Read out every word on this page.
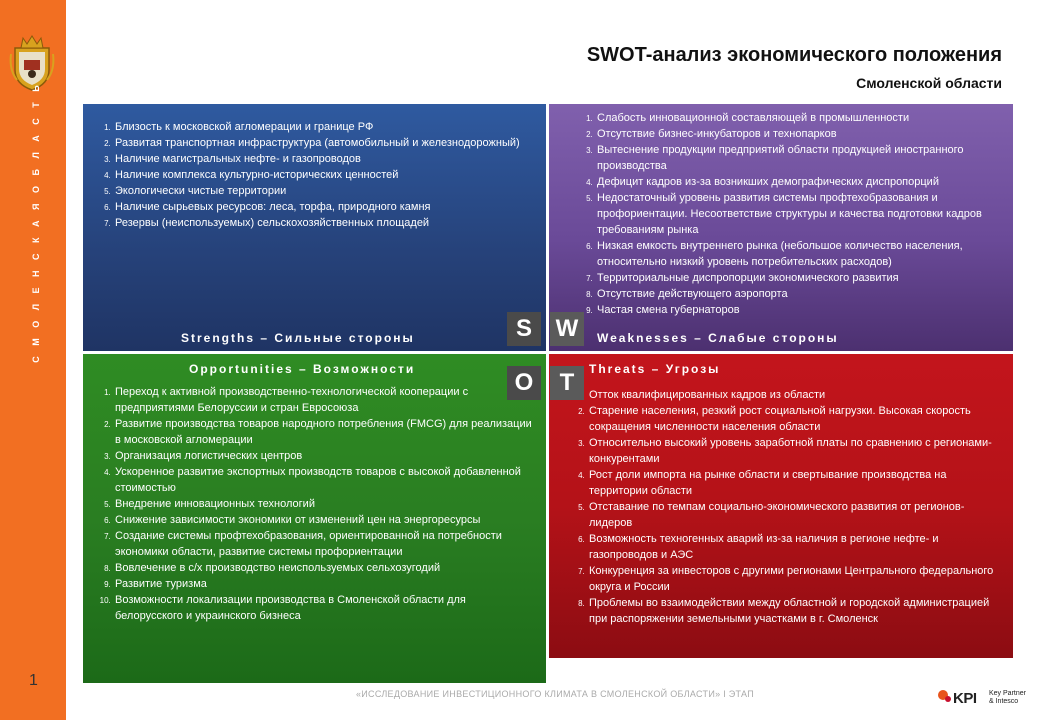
С М О Л Е Н С К А Я О Б Л А С Т Ь
1
SWOT-анализ экономического положения
Смоленской области
1. Близость к московской агломерации и границе РФ
2. Развитая транспортная инфраструктура (автомобильный и железнодорожный)
3. Наличие магистральных нефте- и газопроводов
4. Наличие комплекса культурно-исторических ценностей
5. Экологически чистые территории
6. Наличие сырьевых ресурсов: леса, торфа, природного камня
7. Резервы (неиспользуемых) сельскохозяйственных площадей
Strengths – Сильные стороны
1. Слабость инновационной составляющей в промышленности
2. Отсутствие бизнес-инкубаторов и технопарков
3. Вытеснение продукции предприятий области продукцией иностранного производства
4. Дефицит кадров из-за возникших демографических диспропорций
5. Недостаточный уровень развития системы профтехобразования и профориентации. Несоответствие структуры и качества подготовки кадров требованиям рынка
6. Низкая емкость внутреннего рынка (небольшое количество населения, относительно низкий уровень потребительских расходов)
7. Территориальные диспропорции экономического развития
8. Отсутствие действующего аэропорта
9. Частая смена губернаторов
Weaknesses – Слабые стороны
Opportunities – Возможности
1. Переход к активной производственно-технологической кооперации с предприятиями Белоруссии и стран Евросоюза
2. Развитие производства товаров народного потребления (FMCG) для реализации в московской агломерации
3. Организация логистических центров
4. Ускоренное развитие экспортных производств товаров с высокой добавленной стоимостью
5. Внедрение инновационных технологий
6. Снижение зависимости экономики от изменений цен на энергоресурсы
7. Создание системы профтехобразования, ориентированной на потребности экономики области, развитие системы профориентации
8. Вовлечение в с/х производство неиспользуемых сельхозугодий
9. Развитие туризма
10. Возможности локализации производства в Смоленской области для белорусского и украинского бизнеса
Threats – Угрозы
1. Отток квалифицированных кадров из области
2. Старение населения, резкий рост социальной нагрузки. Высокая скорость сокращения численности населения области
3. Относительно высокий уровень заработной платы по сравнению с регионами-конкурентами
4. Рост доли импорта на рынке области и свертывание производства на территории области
5. Отставание по темпам социально-экономического развития от регионов-лидеров
6. Возможность техногенных аварий из-за наличия в регионе нефте- и газопроводов и АЭС
7. Конкуренция за инвесторов с другими регионами Центрального федерального округа и России
8. Проблемы во взаимодействии между областной и городской администрацией при распоряжении земельными участками в г. Смоленск
S W
O	T
MyShared
«ИССЛЕДОВАНИЕ ИНВЕСТИЦИОННОГО КЛИМАТА В СМОЛЕНСКОЙ ОБЛАСТИ» I ЭТАП	KPI Key Partner
& Intesco
